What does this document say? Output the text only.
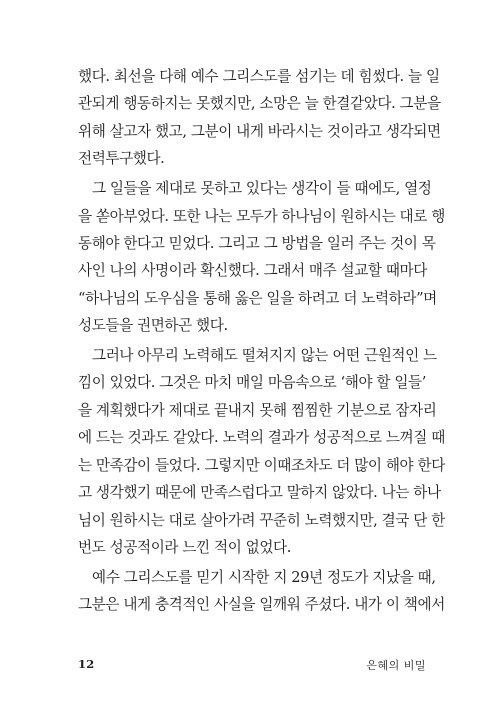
했다. 최선을 다해 예수 그리스도를 섬기는 데 힘썼다. 늘 일
관되게 행동하지는 못했지만, 소망은 늘 한결같았다. 그분을
위해 살고자 했고, 그분이 내게 바라시는 것이라고 생각되면
전력투구했다.

그 일들을 제대로 못하고 있다는 생각이 들 때에도, 열정
을 쏟아부었다. 또한 나는 모두가 하나님이 원하시는 대로 행
동해야 한다고 믿었다. 그리고 그 방법을 일러 주는 것이 목
사인 나의 사명이라 확신했다. 그래서 매주 설교할 때마다
“하나님의 도우심을 통해 옳은 일을 하려고 더 노력하라”며
성도들을 권면하곤 했다.

그러나 아무리 노력해도 떨쳐지지 않는 어떤 근원적인 느
낌이 있었다. 그것은 마치 매일 마음속으로 ‘해야 할 일들’
을 계획했다가 제대로 끝내지 못해 찜찜한 기분으로 잠자리
에 드는 것과도 같았다. 노력의 결과가 성공적으로 느껴질 때
는 만족감이 들었다. 그렇지만 이때조차도 더 많이 해야 한다
고 생각했기 때문에 만족스럽다고 말하지 않았다. 나는 하나
님이 원하시는 대로 살아가려 꾸준히 노력했지만, 결국 단 한
번도 성공적이라 느낀 적이 없었다.

예수 그리스도를 믿기 시작한 지 29년 정도가 지났을 때,
그분은 내게 충격적인 사실을 일깨워 주셨다. 내가 이 책에서

12	은혜의 비밀
